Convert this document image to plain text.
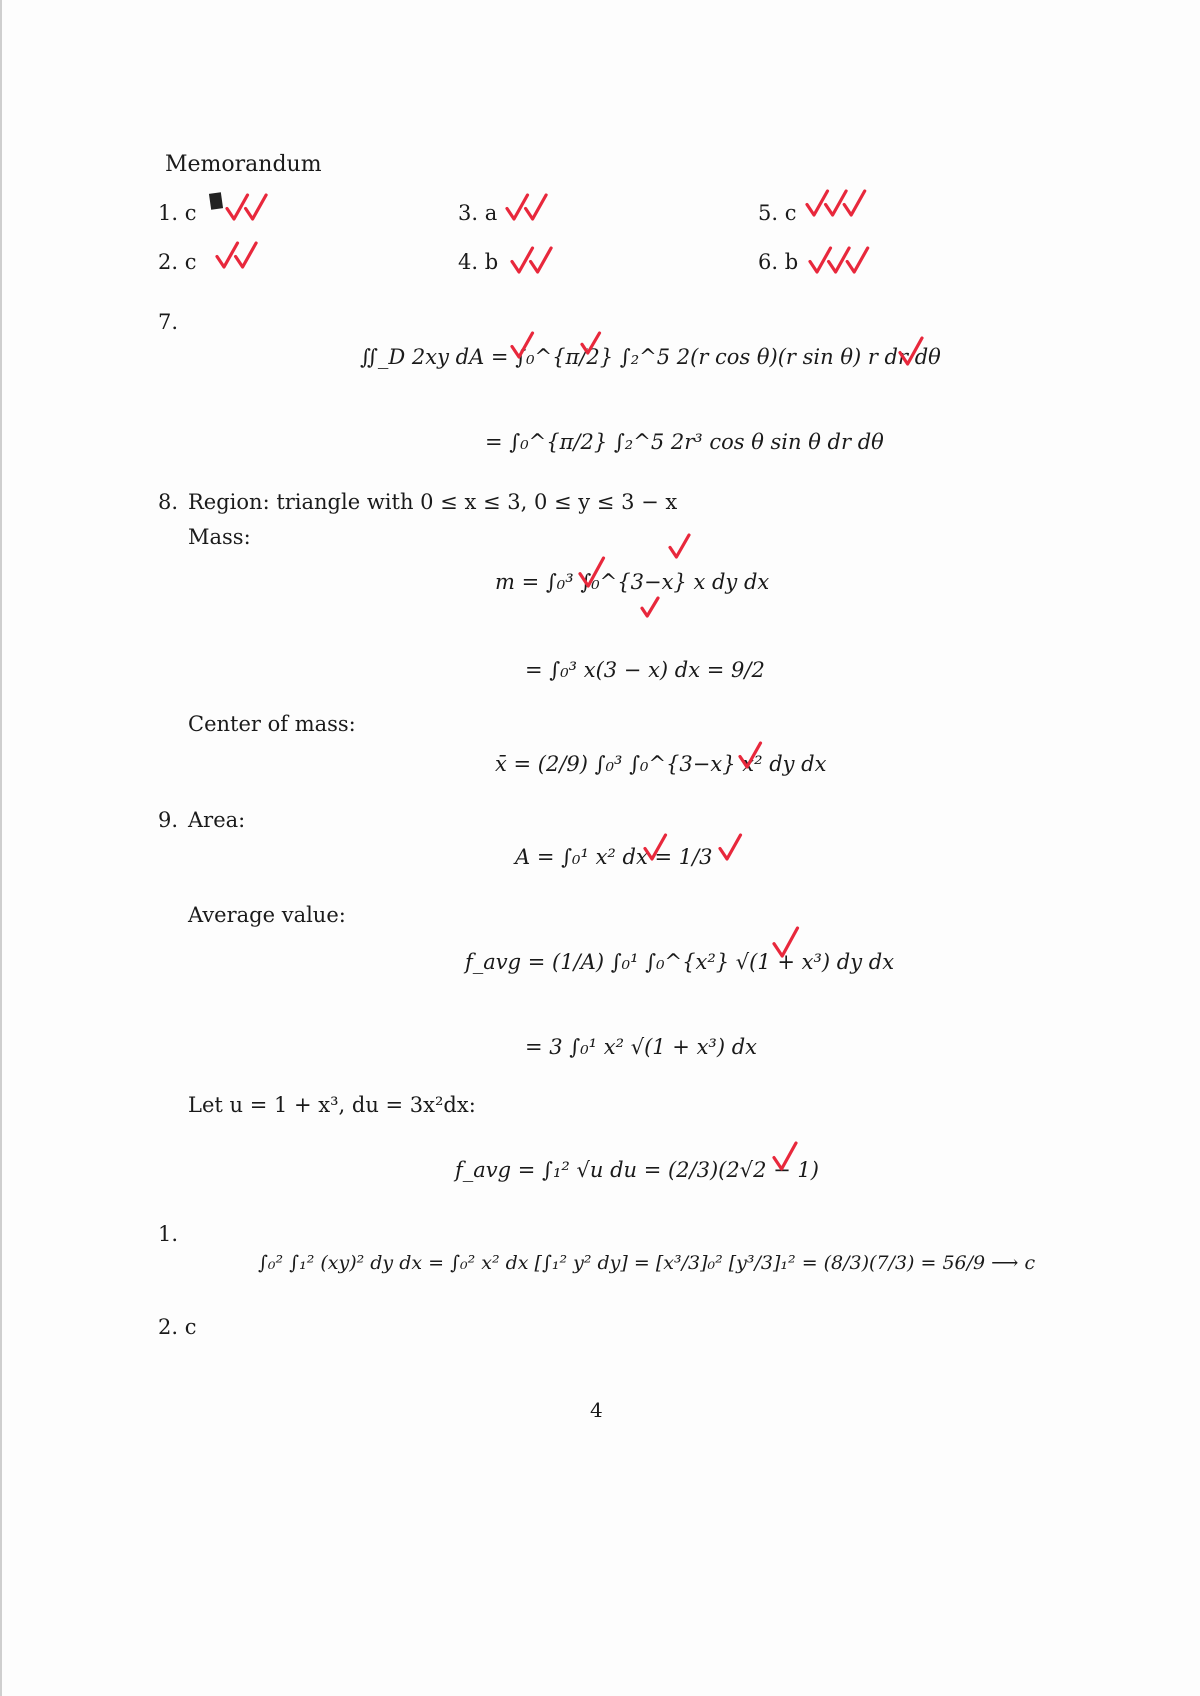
Memorandum
1. c
2. c
3. a
4. b
5. c
6. b
7.
∬_D 2xy dA = ∫₀^{π/2} ∫₂^5 2(r cos θ)(r sin θ) r dr dθ
= ∫₀^{π/2} ∫₂^5 2r³ cos θ sin θ dr dθ
8. Region: triangle with 0 ≤ x ≤ 3, 0 ≤ y ≤ 3 − x
Mass:
m = ∫₀³ ∫₀^{3−x} x dy dx
= ∫₀³ x(3 − x) dx = 9/2
Center of mass:
x̄ = (2/9) ∫₀³ ∫₀^{3−x} x² dy dx
9. Area:
A = ∫₀¹ x² dx = 1/3
Average value:
f_avg = (1/A) ∫₀¹ ∫₀^{x²} √(1 + x³) dy dx
= 3 ∫₀¹ x² √(1 + x³) dx
Let u = 1 + x³, du = 3x²dx:
f_avg = ∫₁² √u du = (2/3)(2√2 − 1)
1.
∫₀² ∫₁² (xy)² dy dx = ∫₀² x² dx [∫₁² y² dy] = [x³/3]₀² [y³/3]₁² = (8/3)(7/3) = 56/9 ⟶ c
2. c
4
